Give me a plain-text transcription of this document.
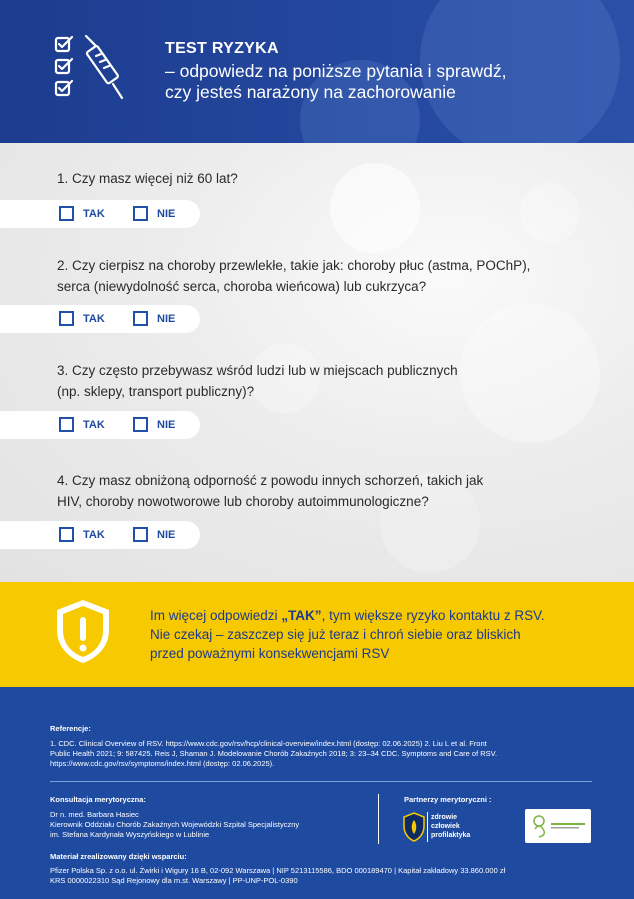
TEST RYZYKA
– odpowiedz na poniższe pytania i sprawdź,
czy jesteś narażony na zachorowanie
1. Czy masz więcej niż 60 lat?
TAK	NIE
2. Czy cierpisz na choroby przewlekłe, takie jak: choroby płuc (astma, POChP),
serca (niewydolność serca, choroba wieńcowa) lub cukrzyca?
TAK	NIE
3. Czy często przebywasz wśród ludzi lub w miejscach publicznych
(np. sklepy, transport publiczny)?
TAK	NIE
4. Czy masz obniżoną odporność z powodu innych schorzeń, takich jak
HIV, choroby nowotworowe lub choroby autoimmunologiczne?
TAK	NIE
Im więcej odpowiedzi „TAK”, tym większe ryzyko kontaktu z RSV.
Nie czekaj – zaszczep się już teraz i chroń siebie oraz bliskich
przed poważnymi konsekwencjami RSV
Referencje:
1. CDC. Clinical Overview of RSV. https://www.cdc.gov/rsv/hcp/clinical-overview/index.html (dostęp: 02.06.2025) 2. Liu L et al. Front
Public Health 2021; 9: 587425. Reis J, Shaman J. Modelowanie Chorób Zakaźnych 2018; 3: 23–34 CDC. Symptoms and Care of RSV.
https://www.cdc.gov/rsv/symptoms/index.html (dostęp: 02.06.2025).
Konsultacja merytoryczna:
Dr n. med. Barbara Hasiec
Kierownik Oddziału Chorób Zakaźnych Wojewódzki Szpital Specjalistyczny
im. Stefana Kardynała Wyszyńskiego w Lublinie
Partnerzy merytoryczni :
zdrowie
człowiek
profilaktyka
Materiał zrealizowany dzięki wsparciu:
Pfizer Polska Sp. z o.o. ul. Żwirki i Wigury 16 B, 02-092 Warszawa | NIP 5213115586, BDO 000189470 | Kapitał zakładowy 33.860.000 zł
KRS 0000022310 Sąd Rejonowy dla m.st. Warszawy | PP-UNP-POL-0390
